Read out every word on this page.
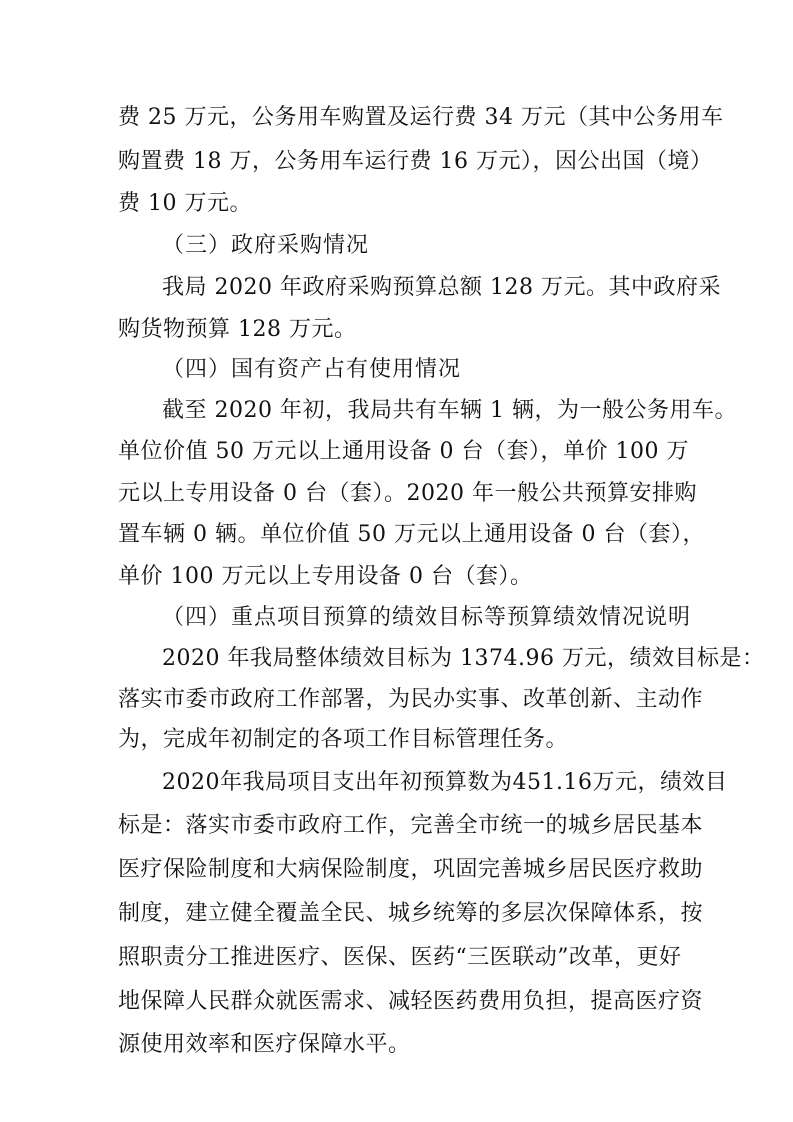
费 25 万元，公务用车购置及运行费 34 万元（其中公务用车
购置费 18 万，公务用车运行费 16 万元），因公出国（境）
费 10 万元。
（三）政府采购情况
我局 2020 年政府采购预算总额 128 万元。其中政府采
购货物预算 128 万元。
（四）国有资产占有使用情况
截至 2020 年初，我局共有车辆 1 辆，为一般公务用车。
单位价值 50 万元以上通用设备 0 台（套），单价 100 万
元以上专用设备 0 台（套）。2020 年一般公共预算安排购
置车辆 0 辆。单位价值 50 万元以上通用设备 0 台（套），
单价 100 万元以上专用设备 0 台（套）。
（四）重点项目预算的绩效目标等预算绩效情况说明
2020 年我局整体绩效目标为 1374.96 万元，绩效目标是：
落实市委市政府工作部署，为民办实事、改革创新、主动作
为，完成年初制定的各项工作目标管理任务。
2020年我局项目支出年初预算数为451.16万元，绩效目
标是：落实市委市政府工作，完善全市统一的城乡居民基本
医疗保险制度和大病保险制度，巩固完善城乡居民医疗救助
制度，建立健全覆盖全民、城乡统筹的多层次保障体系，按
照职责分工推进医疗、医保、医药“三医联动”改革，更好
地保障人民群众就医需求、减轻医药费用负担，提高医疗资
源使用效率和医疗保障水平。
